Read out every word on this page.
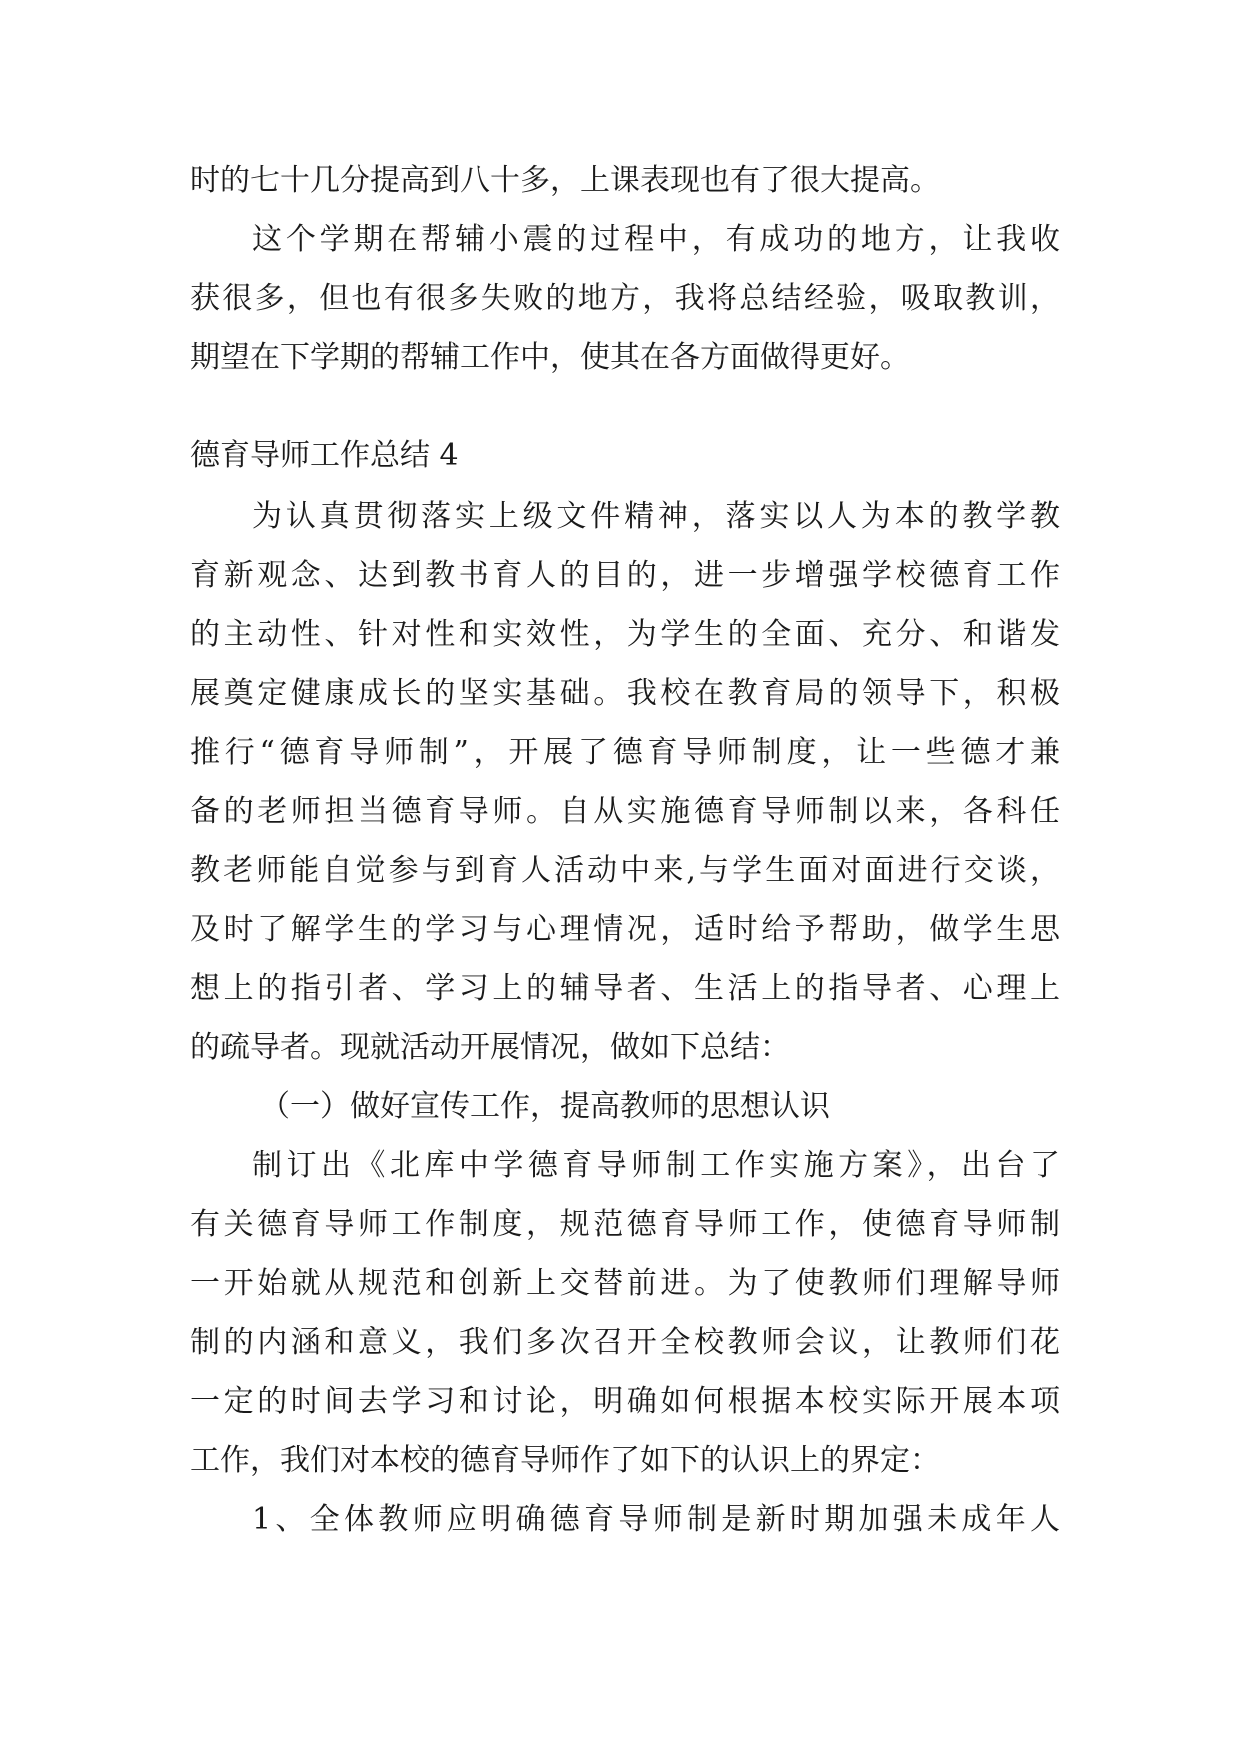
时的七十几分提高到八十多，上课表现也有了很大提高。
这个学期在帮辅小震的过程中，有成功的地方，让我收
获很多，但也有很多失败的地方，我将总结经验，吸取教训，
期望在下学期的帮辅工作中，使其在各方面做得更好。
德育导师工作总结 4
为认真贯彻落实上级文件精神，落实以人为本的教学教
育新观念、达到教书育人的目的，进一步增强学校德育工作
的主动性、针对性和实效性，为学生的全面、充分、和谐发
展奠定健康成长的坚实基础。我校在教育局的领导下，积极
推行“德育导师制”，开展了德育导师制度，让一些德才兼
备的老师担当德育导师。自从实施德育导师制以来，各科任
教老师能自觉参与到育人活动中来,与学生面对面进行交谈，
及时了解学生的学习与心理情况，适时给予帮助，做学生思
想上的指引者、学习上的辅导者、生活上的指导者、心理上
的疏导者。现就活动开展情况，做如下总结：
（一）做好宣传工作，提高教师的思想认识
制订出《北库中学德育导师制工作实施方案》，出台了
有关德育导师工作制度，规范德育导师工作，使德育导师制
一开始就从规范和创新上交替前进。为了使教师们理解导师
制的内涵和意义，我们多次召开全校教师会议，让教师们花
一定的时间去学习和讨论，明确如何根据本校实际开展本项
工作，我们对本校的德育导师作了如下的认识上的界定：
1、全体教师应明确德育导师制是新时期加强未成年人
